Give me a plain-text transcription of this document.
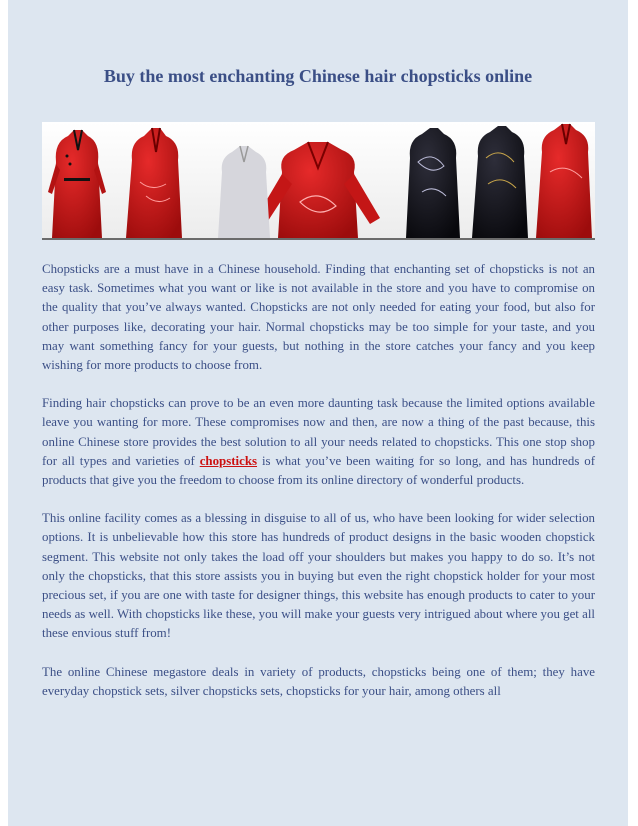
Buy the most enchanting Chinese hair chopsticks online

Chopsticks are a must have in a Chinese household. Finding that enchanting set of chopsticks is not an easy task. Sometimes what you want or like is not available in the store and you have to compromise on the quality that you’ve always wanted. Chopsticks are not only needed for eating your food, but also for other purposes like, decorating your hair. Normal chopsticks may be too simple for your taste, and you may want something fancy for your guests, but nothing in the store catches your fancy and you keep wishing for more products to choose from.

Finding hair chopsticks can prove to be an even more daunting task because the limited options available leave you wanting for more. These compromises now and then, are now a thing of the past because, this online Chinese store provides the best solution to all your needs related to chopsticks. This one stop shop for all types and varieties of chopsticks is what you’ve been waiting for so long, and has hundreds of products that give you the freedom to choose from its online directory of wonderful products.

This online facility comes as a blessing in disguise to all of us, who have been looking for wider selection options. It is unbelievable how this store has hundreds of product designs in the basic wooden chopstick segment. This website not only takes the load off your shoulders but makes you happy to do so. It’s not only the chopsticks, that this store assists you in buying but even the right chopstick holder for your most precious set, if you are one with taste for designer things, this website has enough products to cater to your needs as well. With chopsticks like these, you will make your guests very intrigued about where you get all these envious stuff from!

The online Chinese megastore deals in variety of products, chopsticks being one of them; they have everyday chopstick sets, silver chopsticks sets, chopsticks for your hair, among others all
